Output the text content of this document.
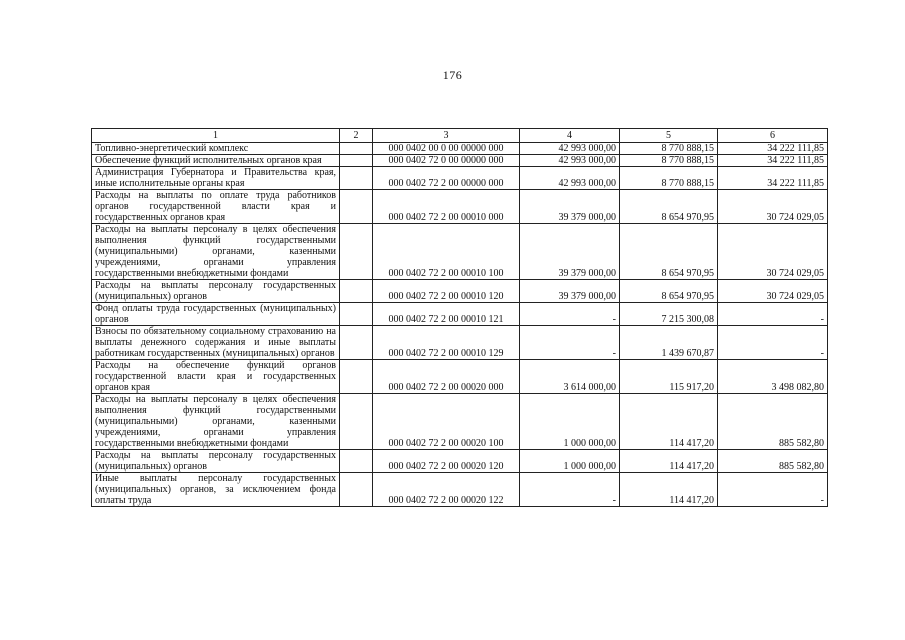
176
1	2	3	4	5	6
Топливно-энергетический комплекс		000 0402 00 0 00 00000 000	42 993 000,00	8 770 888,15	34 222 111,85
Обеспечение функций исполнительных органов края		000 0402 72 0 00 00000 000	42 993 000,00	8 770 888,15	34 222 111,85
Администрация Губернатора и Правительства края, иные исполнительные органы края		000 0402 72 2 00 00000 000	42 993 000,00	8 770 888,15	34 222 111,85
Расходы на выплаты по оплате труда работников органов государственной власти края и государственных органов края		000 0402 72 2 00 00010 000	39 379 000,00	8 654 970,95	30 724 029,05
Расходы на выплаты персоналу в целях обеспечения выполнения функций государственными (муниципальными) органами, казенными учреждениями, органами управления государственными внебюджетными фондами		000 0402 72 2 00 00010 100	39 379 000,00	8 654 970,95	30 724 029,05
Расходы на выплаты персоналу государственных (муниципальных) органов		000 0402 72 2 00 00010 120	39 379 000,00	8 654 970,95	30 724 029,05
Фонд оплаты труда государственных (муниципальных) органов		000 0402 72 2 00 00010 121	-	7 215 300,08	-
Взносы по обязательному социальному страхованию на выплаты денежного содержания и иные выплаты работникам государственных (муниципальных) органов		000 0402 72 2 00 00010 129	-	1 439 670,87	-
Расходы на обеспечение функций органов государственной власти края и государственных органов края		000 0402 72 2 00 00020 000	3 614 000,00	115 917,20	3 498 082,80
Расходы на выплаты персоналу в целях обеспечения выполнения функций государственными (муниципальными) органами, казенными учреждениями, органами управления государственными внебюджетными фондами		000 0402 72 2 00 00020 100	1 000 000,00	114 417,20	885 582,80
Расходы на выплаты персоналу государственных (муниципальных) органов		000 0402 72 2 00 00020 120	1 000 000,00	114 417,20	885 582,80
Иные выплаты персоналу государственных (муниципальных) органов, за исключением фонда оплаты труда		000 0402 72 2 00 00020 122	-	114 417,20	-
